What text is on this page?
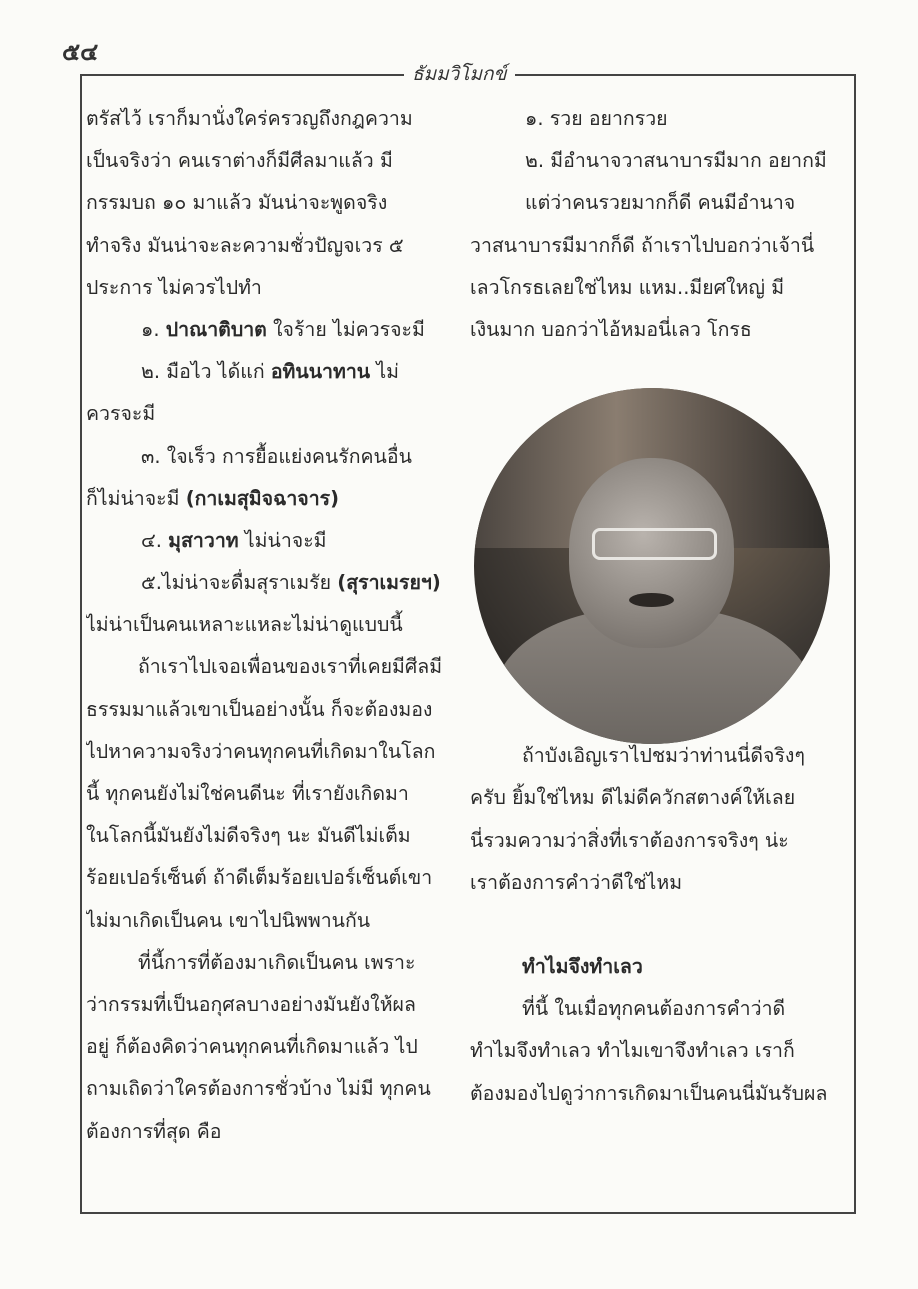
๕๔
ธัมมวิโมกข์
ตรัสไว้ เราก็มานั่งใคร่ครวญถึงกฎความ
เป็นจริงว่า คนเราต่างก็มีศีลมาแล้ว มี
กรรมบถ ๑๐ มาแล้ว มันน่าจะพูดจริง
ทำจริง มันน่าจะละความชั่วปัญจเวร ๕
ประการ ไม่ควรไปทำ
๑. ปาณาติบาต ใจร้าย ไม่ควรจะมี
๒. มือไว ได้แก่ อทินนาทาน ไม่
ควรจะมี
๓. ใจเร็ว การยื้อแย่งคนรักคนอื่น
ก็ไม่น่าจะมี (กาเมสุมิจฉาจาร)
๔. มุสาวาท ไม่น่าจะมี
๕.ไม่น่าจะดื่มสุราเมรัย (สุราเมรยฯ)
ไม่น่าเป็นคนเหลาะแหละไม่น่าดูแบบนี้
ถ้าเราไปเจอเพื่อนของเราที่เคยมีศีลมี
ธรรมมาแล้วเขาเป็นอย่างนั้น ก็จะต้องมอง
ไปหาความจริงว่าคนทุกคนที่เกิดมาในโลก
นี้ ทุกคนยังไม่ใช่คนดีนะ ที่เรายังเกิดมา
ในโลกนี้มันยังไม่ดีจริงๆ นะ มันดีไม่เต็ม
ร้อยเปอร์เซ็นต์ ถ้าดีเต็มร้อยเปอร์เซ็นต์เขา
ไม่มาเกิดเป็นคน เขาไปนิพพานกัน
ที่นี้การที่ต้องมาเกิดเป็นคน เพราะ
ว่ากรรมที่เป็นอกุศลบางอย่างมันยังให้ผล
อยู่ ก็ต้องคิดว่าคนทุกคนที่เกิดมาแล้ว ไป
ถามเถิดว่าใครต้องการชั่วบ้าง ไม่มี ทุกคน
ต้องการที่สุด คือ
๑. รวย อยากรวย
๒. มีอำนาจวาสนาบารมีมาก อยากมี
แต่ว่าคนรวยมากก็ดี คนมีอำนาจ
วาสนาบารมีมากก็ดี ถ้าเราไปบอกว่าเจ้านี่
เลวโกรธเลยใช่ไหม แหม..มียศใหญ่ มี
เงินมาก บอกว่าไอ้หมอนี่เลว โกรธ
ถ้าบังเอิญเราไปชมว่าท่านนี่ดีจริงๆ
ครับ ยิ้มใช่ไหม ดีไม่ดีควักสตางค์ให้เลย
นี่รวมความว่าสิ่งที่เราต้องการจริงๆ น่ะ
เราต้องการคำว่าดีใช่ไหม
ทำไมจึงทำเลว
ที่นี้ ในเมื่อทุกคนต้องการคำว่าดี
ทำไมจึงทำเลว ทำไมเขาจึงทำเลว เราก็
ต้องมองไปดูว่าการเกิดมาเป็นคนนี่มันรับผล
